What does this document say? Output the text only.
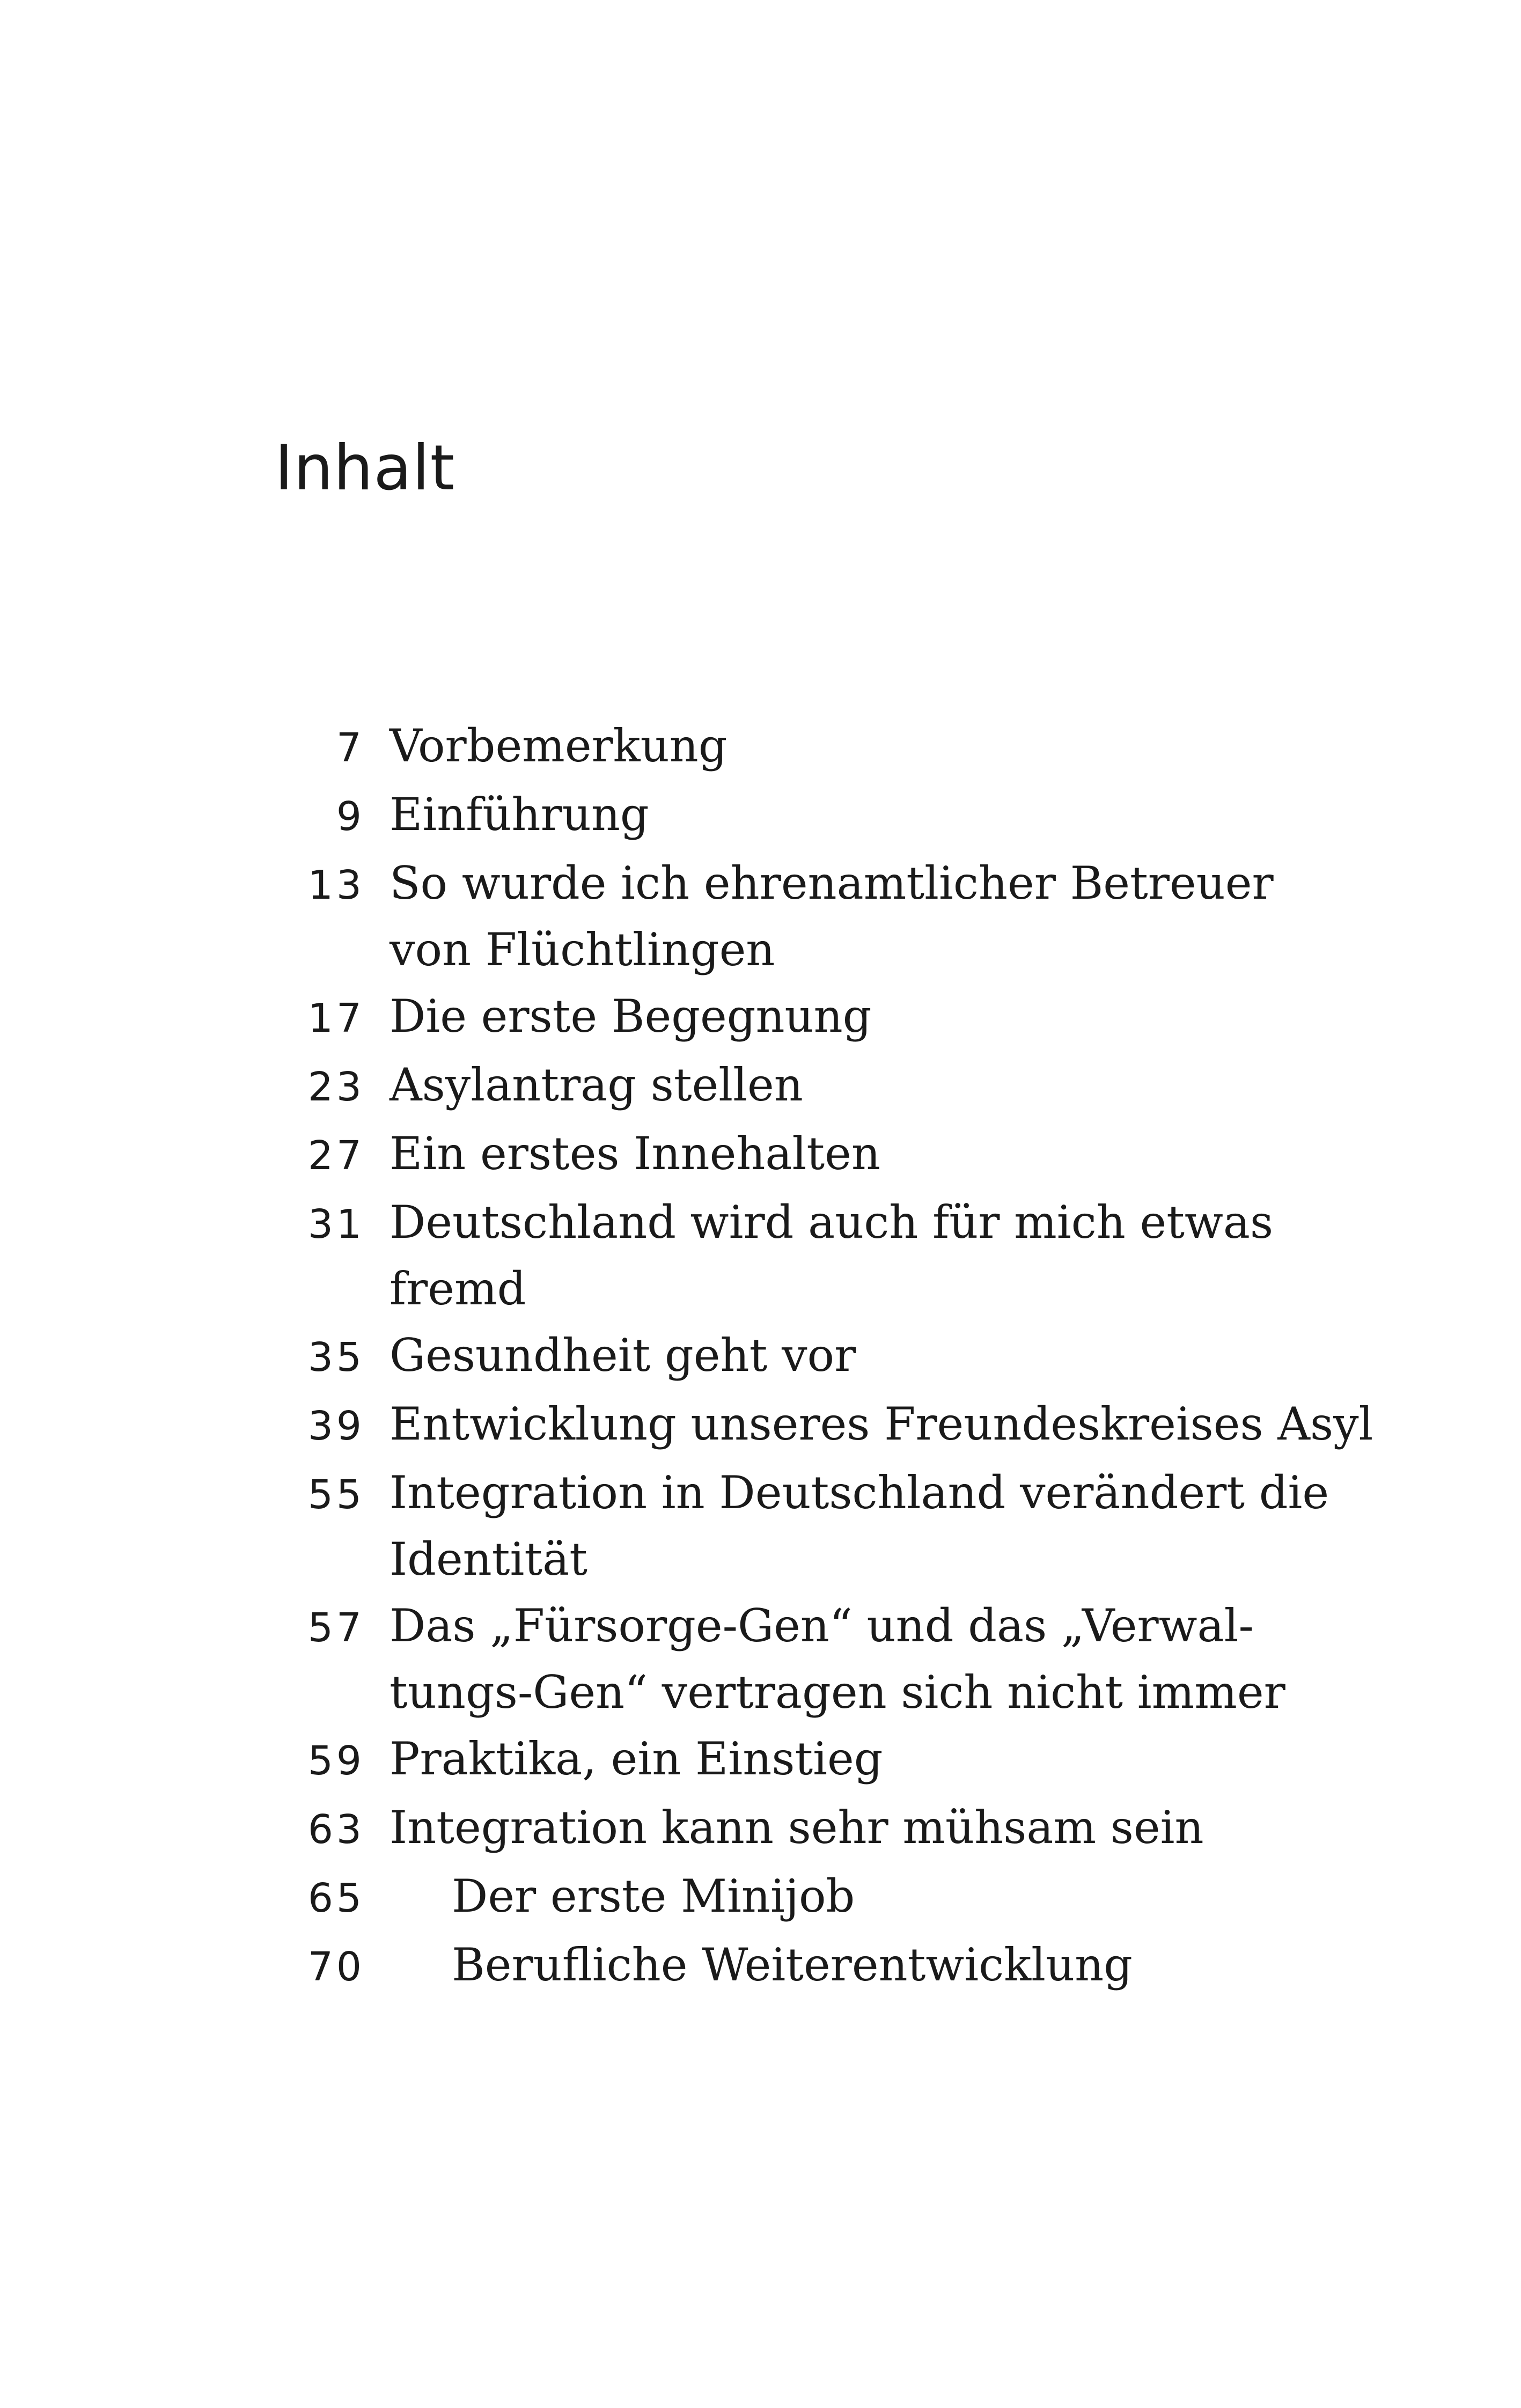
Inhalt
7 Vorbemerkung
9 Einführung
13 So wurde ich ehrenamtlicher Betreuer
von Flüchtlingen
17 Die erste Begegnung
23 Asylantrag stellen
27 Ein erstes Innehalten
31 Deutschland wird auch für mich etwas
fremd
35 Gesundheit geht vor
39 Entwicklung unseres Freundeskreises Asyl
55 Integration in Deutschland verändert die
Identität
57 Das „Fürsorge-Gen“ und das „Verwal-
tungs-Gen“ vertragen sich nicht immer
59 Praktika, ein Einstieg
63 Integration kann sehr mühsam sein
65 Der erste Minijob
70 Berufliche Weiterentwicklung
